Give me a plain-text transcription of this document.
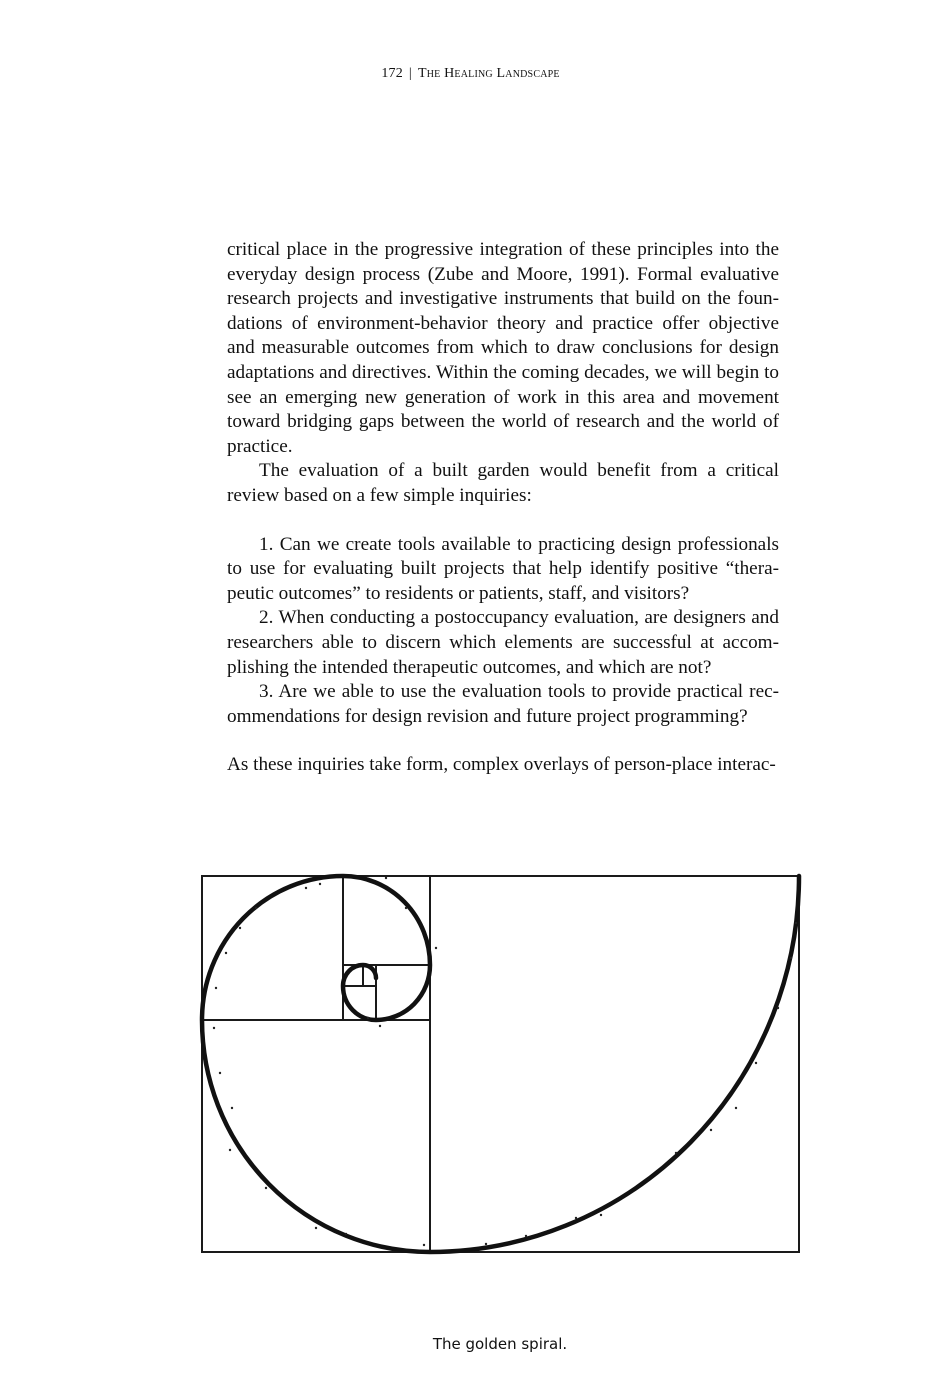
172 | The Healing Landscape

critical place in the progressive integration of these principles into the everyday design process (Zube and Moore, 1991). Formal evaluative research projects and investigative instruments that build on the foun-dations of environment-behavior theory and practice offer objective and measurable outcomes from which to draw conclusions for design adaptations and directives. Within the coming decades, we will begin to see an emerging new generation of work in this area and movement toward bridging gaps between the world of research and the world of practice.

The evaluation of a built garden would benefit from a critical review based on a few simple inquiries:

1. Can we create tools available to practicing design professionals to use for evaluating built projects that help identify positive “thera-peutic outcomes” to residents or patients, staff, and visitors?

2. When conducting a postoccupancy evaluation, are designers and researchers able to discern which elements are successful at accom-plishing the intended therapeutic outcomes, and which are not?

3. Are we able to use the evaluation tools to provide practical rec-ommendations for design revision and future project programming?

As these inquiries take form, complex overlays of person-place interac-

The golden spiral.
